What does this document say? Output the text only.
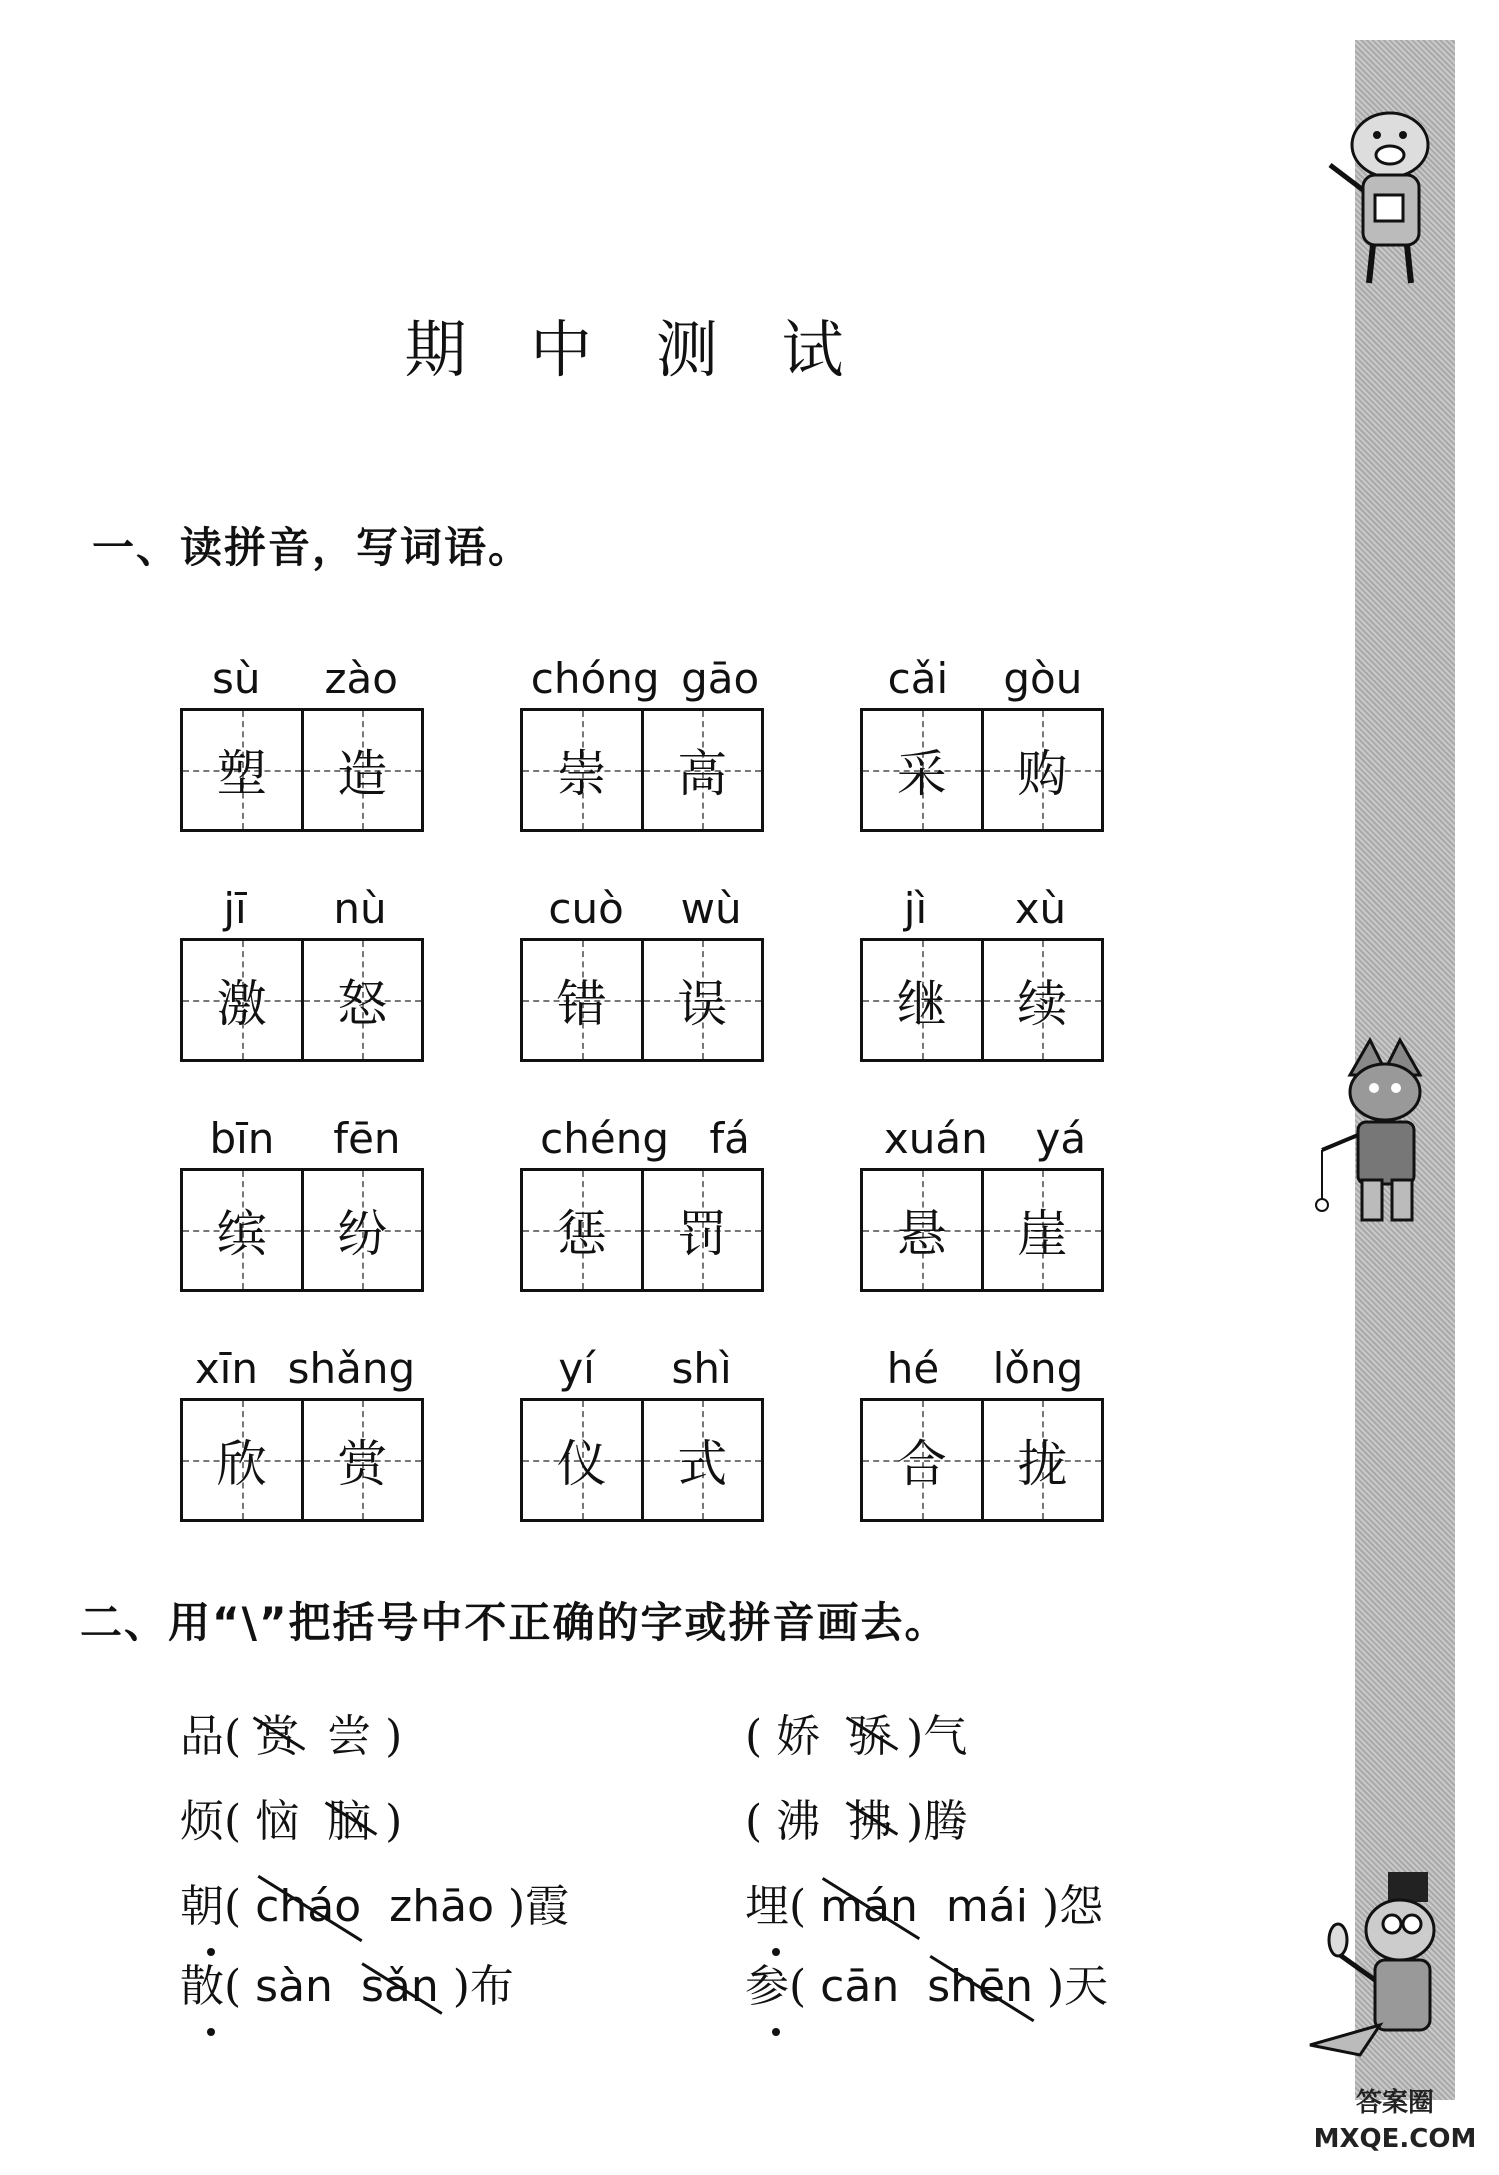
期 中 测 试
一、读拼音，写词语。
sù zào
塑 造
chóng gāo
崇 高
cǎi gòu
采 购
jī nù
激 怒
cuò wù
错 误
jì xù
继 续
bīn fēn
缤 纷
chéng fá
惩 罚
xuán yá
悬 崖
xīn shǎng
欣 赏
yí shì
仪 式
hé lǒng
合 拢
二、用“\”把括号中不正确的字或拼音画去。
品( 赏 尝 )	( 娇 骄 )气
烦( 恼 脑 )	( 沸 拂 )腾
朝( cháo zhāo )霞	埋( mán mái )怨
散( sàn sǎn )布	参( cān shēn )天
答案圈
MXQE.COM
